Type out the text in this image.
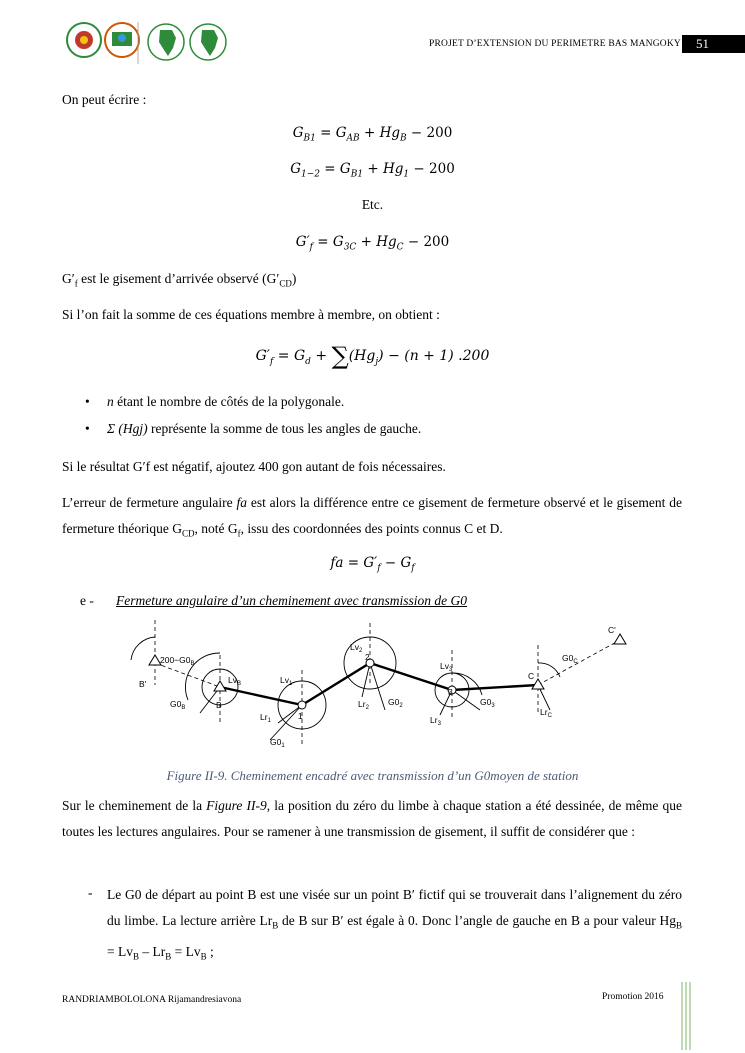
PROJET D’EXTENSION DU PERIMETRE BAS MANGOKY	51
On peut écrire :
$G_{B1} = G_{AB} + Hg_B - 200$
$G_{1-2} = G_{B1} + Hg_1 - 200$
Etc.
$G'_f = G_{3C} + Hg_C - 200$
$G'_f$ est le gisement d’arrivée observé $(G'_{CD})$
Si l’on fait la somme de ces équations membre à membre, on obtient :
$G'_f = G_d + \sum(Hg_j) - (n + 1)$ .200
• n étant le nombre de côtés de la polygonale.
• Σ (Hgj) représente la somme de tous les angles de gauche.
Si le résultat G′f est négatif, ajoutez 400 gon autant de fois nécessaires.
L’erreur de fermeture angulaire fa est alors la différence entre ce gisement de fermeture observé et le gisement de fermeture théorique $G_{CD}$, noté $G_f$, issu des coordonnées des points connus C et D.
fa = $G'_f - G_f$
e - Fermeture angulaire d’un cheminement avec transmission de G0
$200-G0_B$
B'
B
$Lv_B$
$G0_B$
1
$Lv_1$
$Lr_1$
$G0_1$
2
$Lv_2$
$Lr_2$
$G0_2$
3
$Lv_3$
$Lr_3$
$G0_3$
C
C'
$Lr_C$
$G0_C$
Figure II-9. Cheminement encadré avec transmission d’un G0moyen de station
Sur le cheminement de la Figure II-9, la position du zéro du limbe à chaque station a été dessinée, de même que toutes les lectures angulaires. Pour se ramener à une transmission de gisement, il suffit de considérer que :
- Le G0 de départ au point B est une visée sur un point B′ fictif qui se trouverait dans l’alignement du zéro du limbe. La lecture arrière $Lr_B$ de B sur B′ est égale à 0. Donc l’angle de gauche en B a pour valeur $Hg_B = Lv_B - Lr_B = Lv_B$ ;
RANDRIAMBOLOLONA Rijamandresiavona	Promotion 2016
